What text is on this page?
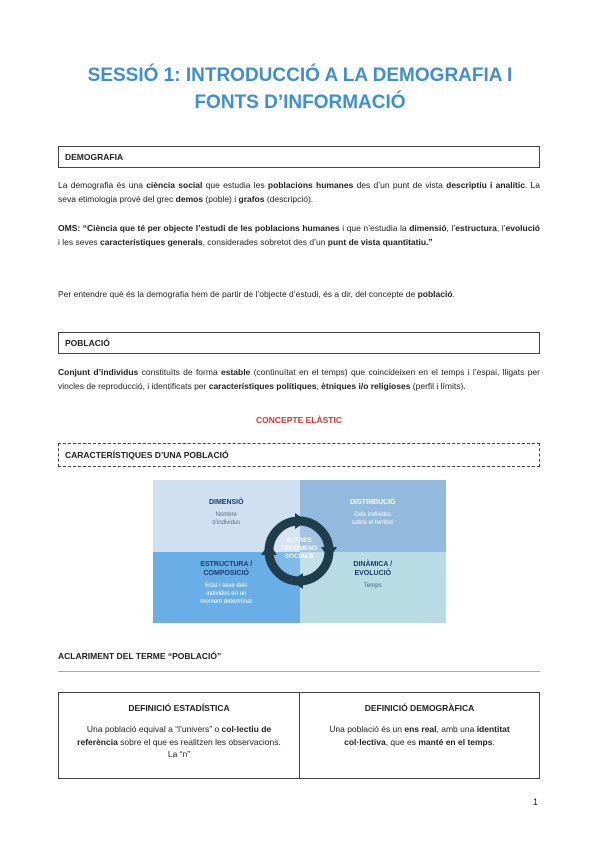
SESSIÓ 1: INTRODUCCIÓ A LA DEMOGRAFIA I
FONTS D’INFORMACIÓ
DEMOGRAFIA

La demografia és una ciència social que estudia les poblacions humanes des d’un punt de vista descriptiu i analític. La seva etimologia prové del grec demos (poble) i grafos (descripció).

OMS: “Ciència que té per objecte l’estudi de les poblacions humanes i que n’estudia la dimensió, l’estructura, l’evolució i les seves característiques generals, considerades sobretot des d’un punt de vista quantitatiu.”

Per entendre què és la demografia hem de partir de l’objecte d’estudi, és a dir, del concepte de població.

POBLACIÓ

Conjunt d’individus constituïts de forma estable (continuïtat en el temps) que coincideixen en el temps i l’espai, lligats per vincles de reproducció, i identificats per característiques polítiques, ètniques i/o religioses (perfil i límits).

CONCEPTE ELÀSTIC
CARACTERÍSTIQUES D’UNA POBLACIÓ
DIMENSIÓ
Nombre
d’individus
DISTRIBUCIÓ
Dels individus
sobre el territori
ESTRUCTURA /
COMPOSICIÓ
Edat i sexe dels
individus en un
moment determinat
DINÀMICA /
EVOLUCIÓ
Temps
ALTRES
FENÒMENS
SOCIALS
ACLARIMENT DEL TERME “POBLACIÓ”
DEFINICIÓ ESTADÍSTICA
Una població equival a “l’univers” o col·lectiu de referència sobre el que es realitzen les observacions.
La “n”
DEFINICIÓ DEMOGRÀFICA
Una població és un ens real, amb una identitat col·lectiva, que es manté en el temps.
1
